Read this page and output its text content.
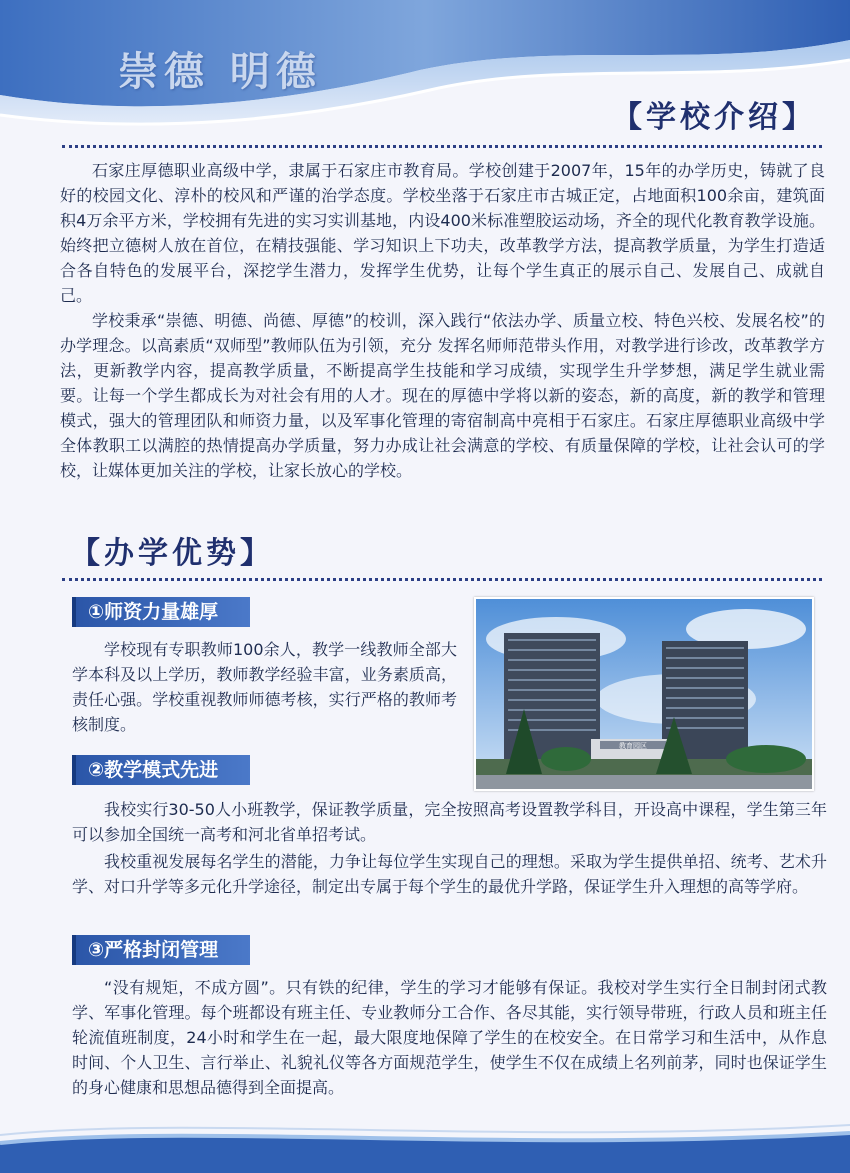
崇德 明德
【学校介绍】

石家庄厚德职业高级中学，隶属于石家庄市教育局。学校创建于2007年，15年的办学历史，铸就了良好的校园文化、淳朴的校风和严谨的治学态度。学校坐落于石家庄市古城正定，占地面积100余亩，建筑面积4万余平方米，学校拥有先进的实习实训基地，内设400米标准塑胶运动场，齐全的现代化教育教学设施。始终把立德树人放在首位，在精技强能、学习知识上下功夫，改革教学方法，提高教学质量，为学生打造适合各自特色的发展平台，深挖学生潜力，发挥学生优势，让每个学生真正的展示自己、发展自己、成就自己。

学校秉承“崇德、明德、尚德、厚德”的校训，深入践行“依法办学、质量立校、特色兴校、发展名校”的办学理念。以高素质“双师型”教师队伍为引领，充分 发挥名师师范带头作用，对教学进行诊改，改革教学方法，更新教学内容，提高教学质量，不断提高学生技能和学习成绩，实现学生升学梦想，满足学生就业需要。让每一个学生都成长为对社会有用的人才。现在的厚德中学将以新的姿态，新的高度，新的教学和管理模式，强大的管理团队和师资力量，以及军事化管理的寄宿制高中亮相于石家庄。石家庄厚德职业高级中学全体教职工以满腔的热情提高办学质量，努力办成让社会满意的学校、有质量保障的学校，让社会认可的学校，让媒体更加关注的学校，让家长放心的学校。

【办学优势】
①师资力量雄厚

学校现有专职教师100余人，教学一线教师全部大学本科及以上学历，教师教学经验丰富，业务素质高，责任心强。学校重视教师师德考核，实行严格的教师考核制度。

教育园区
②教学模式先进

我校实行30-50人小班教学，保证教学质量，完全按照高考设置教学科目，开设高中课程，学生第三年可以参加全国统一高考和河北省单招考试。

我校重视发展每名学生的潜能，力争让每位学生实现自己的理想。采取为学生提供单招、统考、艺术升学、对口升学等多元化升学途径，制定出专属于每个学生的最优升学路，保证学生升入理想的高等学府。

③严格封闭管理

“没有规矩，不成方圆”。只有铁的纪律，学生的学习才能够有保证。我校对学生实行全日制封闭式教学、军事化管理。每个班都设有班主任、专业教师分工合作、各尽其能，实行领导带班，行政人员和班主任轮流值班制度，24小时和学生在一起，最大限度地保障了学生的在校安全。在日常学习和生活中，从作息时间、个人卫生、言行举止、礼貌礼仪等各方面规范学生，使学生不仅在成绩上名列前茅，同时也保证学生的身心健康和思想品德得到全面提高。
